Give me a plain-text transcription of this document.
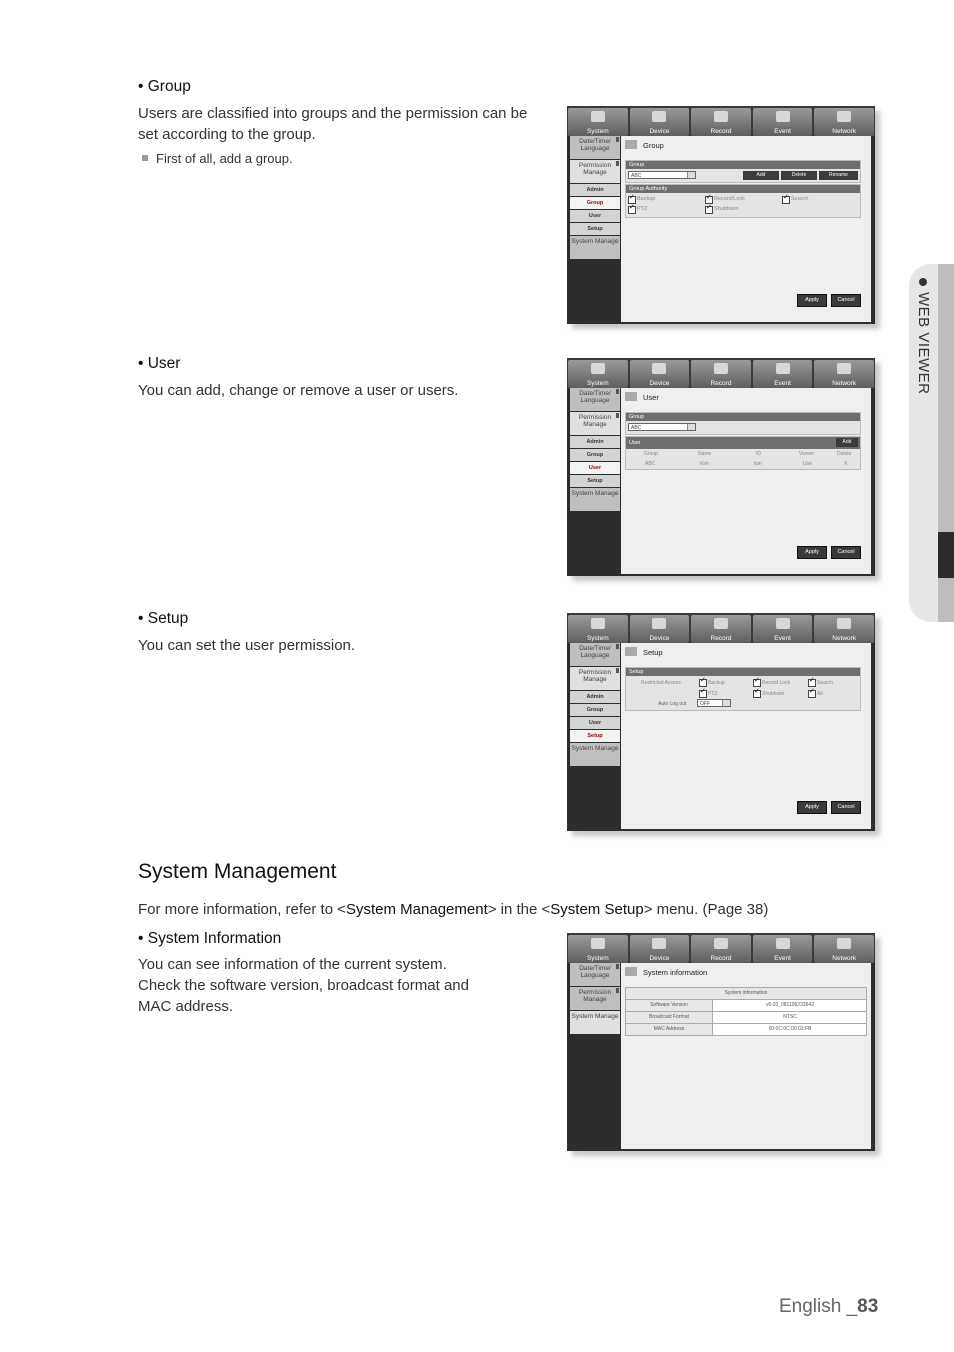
WEB VIEWER
• Group
Users are classified into groups and the permission can be set according to the group.
First of all, add a group.
System	Device	Record	Event	Network
Date/Time/ Language
Permission Manage
Admin
Group
User
Setup
System Manage
Group
Group
ABC	Add	Delete	Rename
Group Authority
✓
Backup ✓	Record/Lock ✓	Search
✓
PTZ ✓	Shutdown
Apply	Cancel
• User
You can add, change or remove a user or users.	System	Device	Record	Event	Network
Date/Time/ Language
Permission Manage
Admin
Group
User
Setup
System Manage
User
Group
ABC
User	Add
Group	Name	ID	Viewer	Delete
ABC	Kim	kim	Use	X
Apply	Cancel
• Setup
You can set the user permission.	System	Device	Record	Event	Network
Date/Time/ Language
Permission Manage
Admin
Group
User
Setup
System Manage
Setup
Setup
Restricted Access ✓	Backup ✓	Record Lock ✓	Search
✓
PTZ ✓	Shutdown ✓	All
Auto Log out	OFF
Apply	Cancel
System Management
For more information, refer to <System Management> in the <System Setup> menu. (Page 38)
• System Information
You can see information of the current system.
Check the software version, broadcast format and
MAC address.
System	Device	Record	Event	Network
Date/Time/ Language
Permission Manage
System Manage
System information
System information
Software Version	v0.03_081106232642
Broadcast Format	NTSC
MAC Address	00:0C:0C:00:02:FB
English _83
